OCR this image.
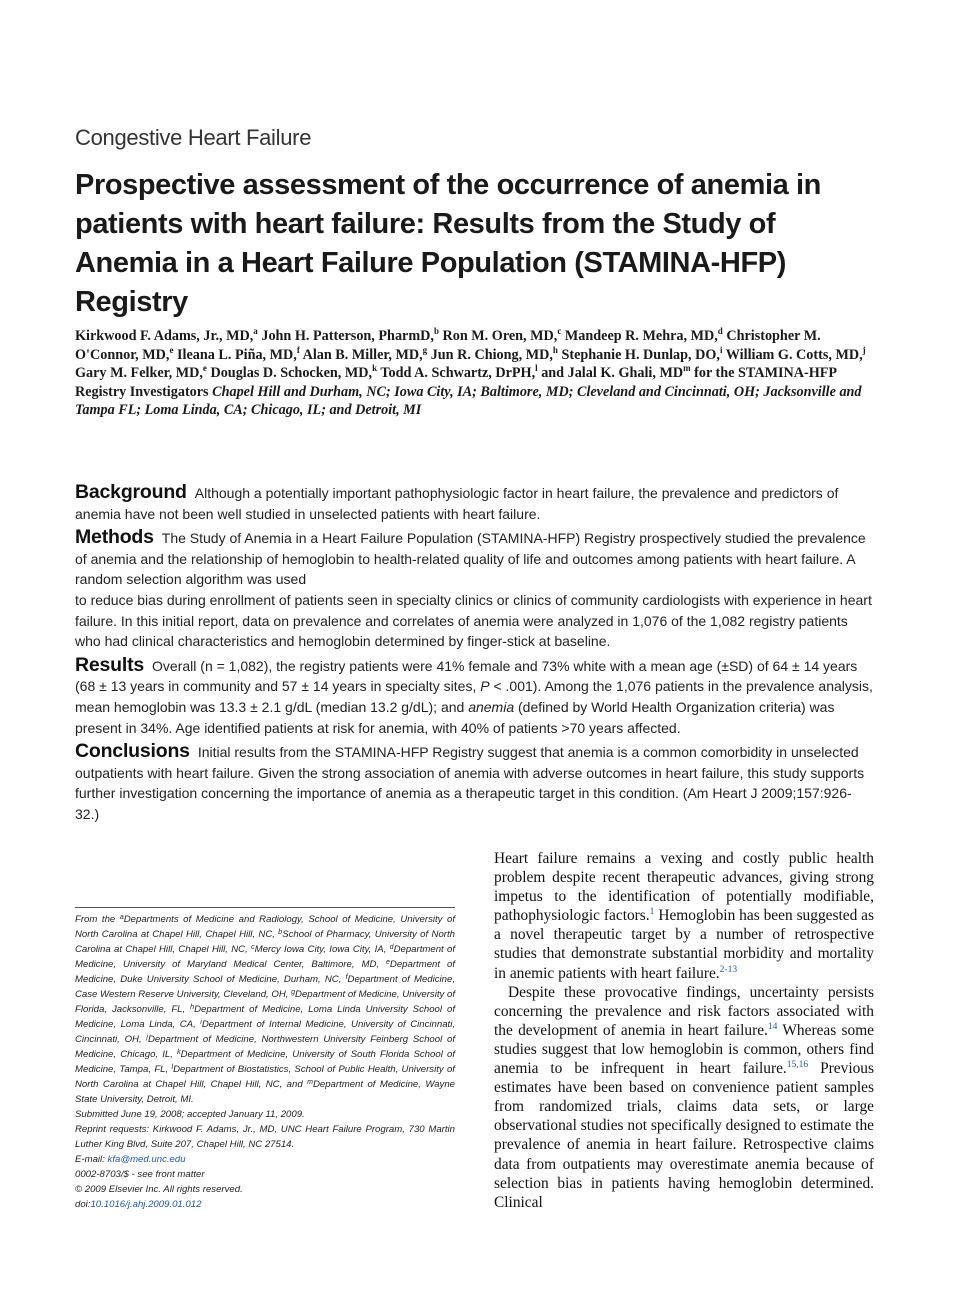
Congestive Heart Failure
Prospective assessment of the occurrence of anemia in patients with heart failure: Results from the Study of Anemia in a Heart Failure Population (STAMINA-HFP) Registry
Kirkwood F. Adams, Jr., MD,$^a$ John H. Patterson, PharmD,$^b$ Ron M. Oren, MD,$^c$ Mandeep R. Mehra, MD,$^d$ Christopher M. O'Connor, MD,$^e$ Ileana L. Piña, MD,$^f$ Alan B. Miller, MD,$^g$ Jun R. Chiong, MD,$^h$ Stephanie H. Dunlap, DO,$^i$ William G. Cotts, MD,$^j$ Gary M. Felker, MD,$^e$ Douglas D. Schocken, MD,$^k$ Todd A. Schwartz, DrPH,$^l$ and Jalal K. Ghali, $MD^m$ for the STAMINA-HFP Registry Investigators Chapel Hill and Durham, NC; Iowa City, IA; Baltimore, MD; Cleveland and Cincinnati, OH; Jacksonville and Tampa FL; Loma Linda, CA; Chicago, IL; and Detroit, MI

Background Although a potentially important pathophysiologic factor in heart failure, the prevalence and predictors of anemia have not been well studied in unselected patients with heart failure.

Methods The Study of Anemia in a Heart Failure Population (STAMINA-HFP) Registry prospectively studied the prevalence of anemia and the relationship of hemoglobin to health-related quality of life and outcomes among patients with heart failure. A random selection algorithm was used
to reduce bias during enrollment of patients seen in specialty clinics or clinics of community cardiologists with experience in heart failure. In this initial report, data on prevalence and correlates of anemia were analyzed in 1,076 of the 1,082 registry patients who had clinical characteristics and hemoglobin determined by finger-stick at baseline.

Results Overall (n = 1,082), the registry patients were 41% female and 73% white with a mean age (±SD) of 64 ± 14 years (68 ± 13 years in community and 57 ± 14 years in specialty sites, P < .001). Among the 1,076 patients in the prevalence analysis, mean hemoglobin was 13.3 ± 2.1 g/dL (median 13.2 g/dL); and anemia (defined by World Health Organization criteria) was present in 34%. Age identified patients at risk for anemia, with 40% of patients >70 years affected.

Conclusions Initial results from the STAMINA-HFP Registry suggest that anemia is a common comorbidity in unselected outpatients with heart failure. Given the strong association of anemia with adverse outcomes in heart failure, this study supports further investigation concerning the importance of anemia as a therapeutic target in this condition. (Am Heart J 2009;157:926-32.)

From the $^a$Departments of Medicine and Radiology, School of Medicine, University of North Carolina at Chapel Hill, Chapel Hill, NC, $^b$School of Pharmacy, University of North Carolina at Chapel Hill, Chapel Hill, NC, $^c$Mercy Iowa City, Iowa City, IA, $^d$Department of Medicine, University of Maryland Medical Center, Baltimore, MD, $^e$Department of Medicine, Duke University School of Medicine, Durham, NC, $^f$Department of Medicine, Case Western Reserve University, Cleveland, OH, $^g$Department of Medicine, University of Florida, Jacksonville, FL, $^h$Department of Medicine, Loma Linda University School of Medicine, Loma Linda, CA, $^i$Department of Internal Medicine, University of Cincinnati, Cincinnati, OH, $^j$Department of Medicine, Northwestern University Feinberg School of Medicine, Chicago, IL, $^k$Department of Medicine, University of South Florida School of Medicine, Tampa, FL, $^l$Department of Biostatistics, School of Public Health, University of North Carolina at Chapel Hill, Chapel Hill, NC, and $^m$Department of Medicine, Wayne State University, Detroit, MI.

Submitted June 19, 2008; accepted January 11, 2009.

Reprint requests: Kirkwood F. Adams, Jr., MD, UNC Heart Failure Program, 730 Martin Luther King Blvd, Suite 207, Chapel Hill, NC 27514.

E-mail: kfa@med.unc.edu

0002-8703/$ - see front matter

© 2009 Elsevier Inc. All rights reserved.

doi:10.1016/j.ahj.2009.01.012

Heart failure remains a vexing and costly public health problem despite recent therapeutic advances, giving strong impetus to the identification of potentially modifiable, pathophysiologic factors.$^1$ Hemoglobin has been suggested as a novel therapeutic target by a number of retrospective studies that demonstrate substantial morbidity and mortality in anemic patients with heart failure.$^{2-13}$

Despite these provocative findings, uncertainty persists concerning the prevalence and risk factors associated with the development of anemia in heart failure.$^{14}$ Whereas some studies suggest that low hemoglobin is common, others find anemia to be infrequent in heart failure.$^{15,16}$ Previous estimates have been based on convenience patient samples from randomized trials, claims data sets, or large observational studies not specifically designed to estimate the prevalence of anemia in heart failure. Retrospective claims data from outpatients may overestimate anemia because of selection bias in patients having hemoglobin determined. Clinical
